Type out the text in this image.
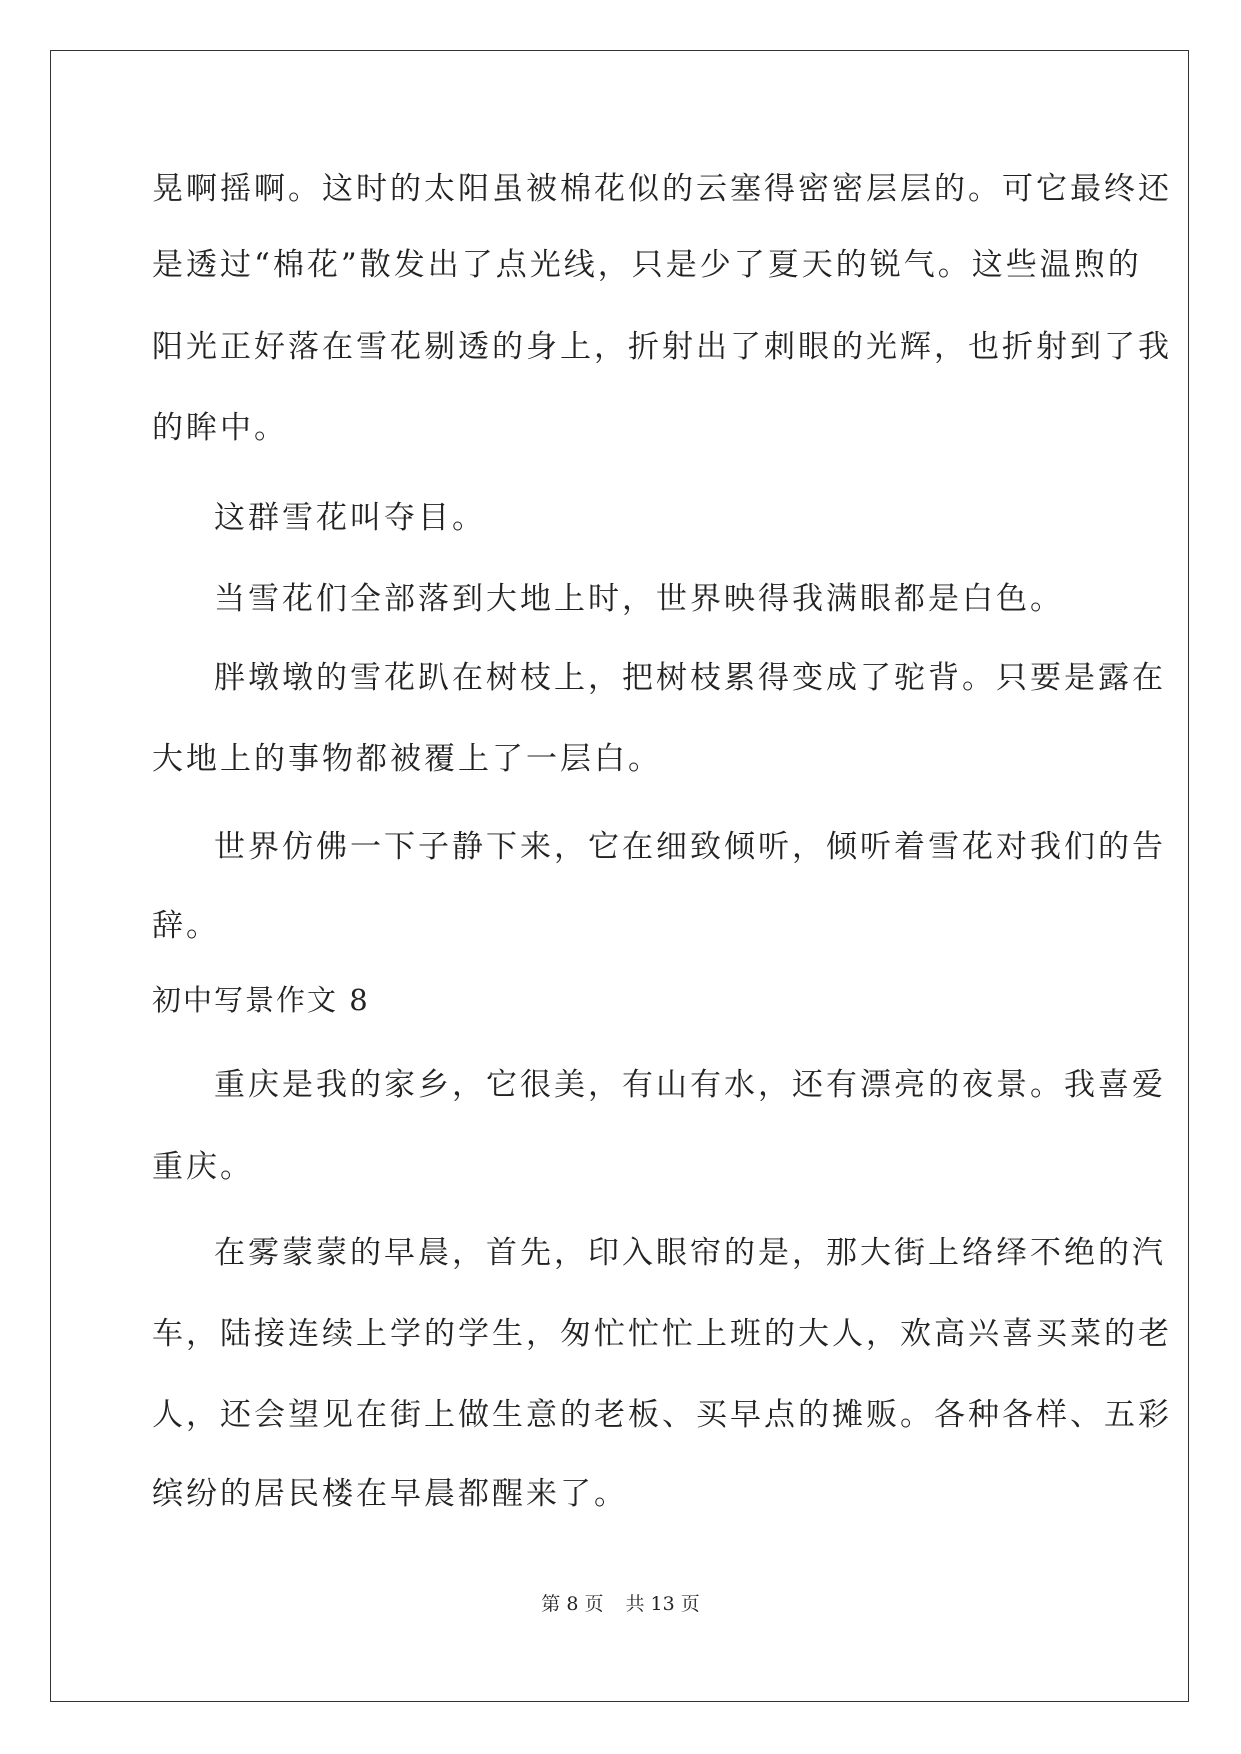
晃啊摇啊。这时的太阳虽被棉花似的云塞得密密层层的。可它最终还
是透过“棉花”散发出了点光线，只是少了夏天的锐气。这些温煦的
阳光正好落在雪花剔透的身上，折射出了刺眼的光辉，也折射到了我
的眸中。
这群雪花叫夺目。
当雪花们全部落到大地上时，世界映得我满眼都是白色。
胖墩墩的雪花趴在树枝上，把树枝累得变成了驼背。只要是露在
大地上的事物都被覆上了一层白。
世界仿佛一下子静下来，它在细致倾听，倾听着雪花对我们的告
辞。
初中写景作文 8
重庆是我的家乡，它很美，有山有水，还有漂亮的夜景。我喜爱
重庆。
在雾蒙蒙的早晨，首先，印入眼帘的是，那大街上络绎不绝的汽
车，陆接连续上学的学生，匆忙忙忙上班的大人，欢高兴喜买菜的老
人，还会望见在街上做生意的老板、买早点的摊贩。各种各样、五彩
缤纷的居民楼在早晨都醒来了。
第 8 页 共 13 页
